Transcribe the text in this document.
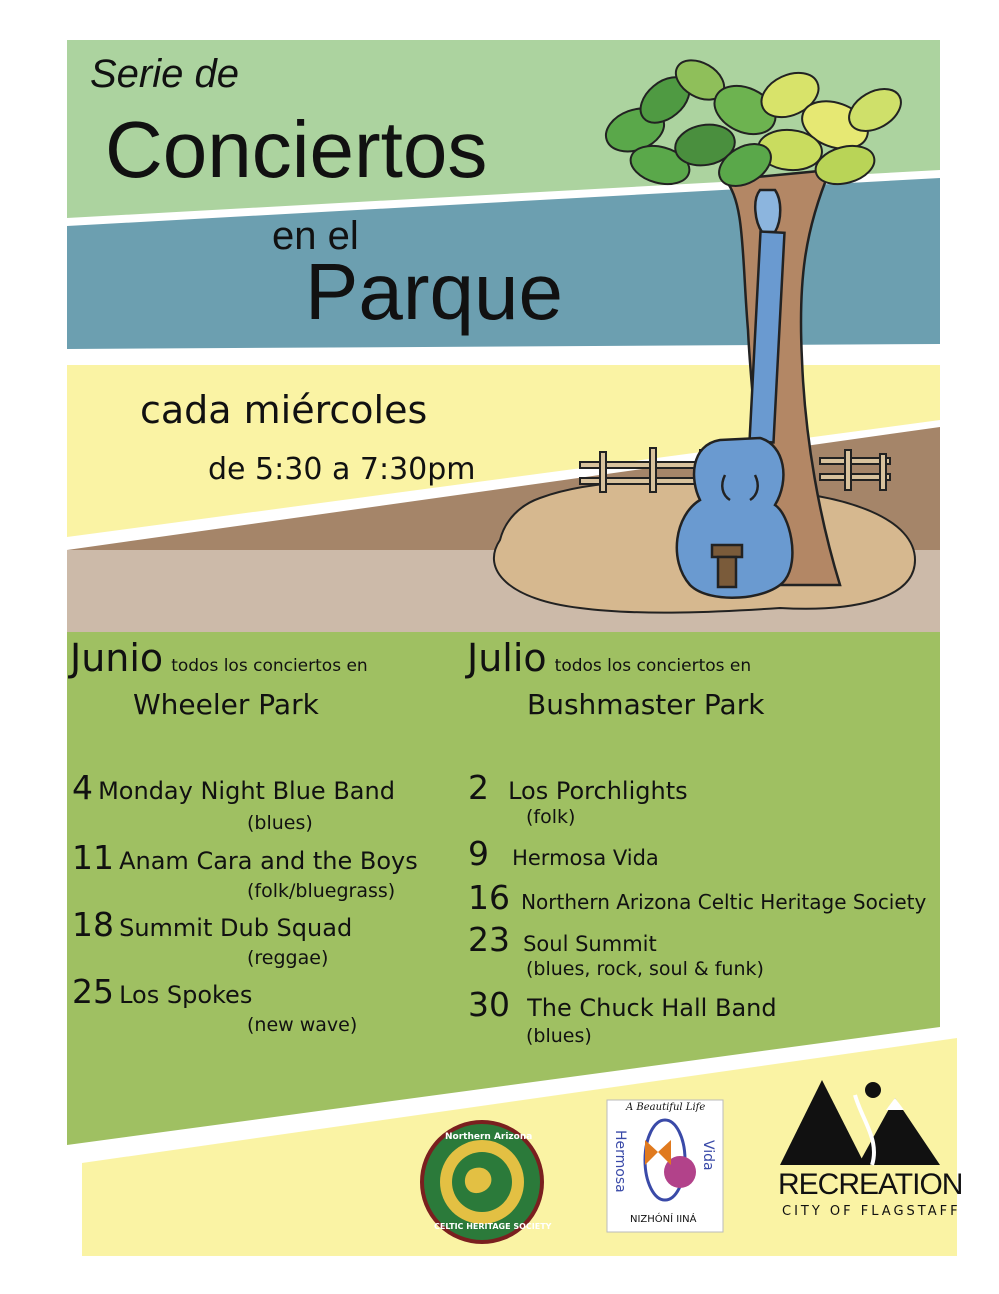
Serie de
Conciertos
en el
Parque
cada miércoles
de 5:30 a 7:30pm
Junio todos los conciertos en
Wheeler Park
4 Monday Night Blue Band
(blues)
11 Anam Cara and the Boys
(folk/bluegrass)
18 Summit Dub Squad
(reggae)
25 Los Spokes
(new wave)
Julio todos los conciertos en
Bushmaster Park
2 Los Porchlights
(folk)
9 Hermosa Vida
16 Northern Arizona Celtic Heritage Society
23 Soul Summit
(blues, rock, soul & funk)
30 The Chuck Hall Band
(blues)
Northern Arizona
CELTIC HERITAGE SOCIETY
A Beautiful Life
Hermosa	Vida
NIZHÓNÍ IINÁ
RECREATION
CITY OF FLAGSTAFF
